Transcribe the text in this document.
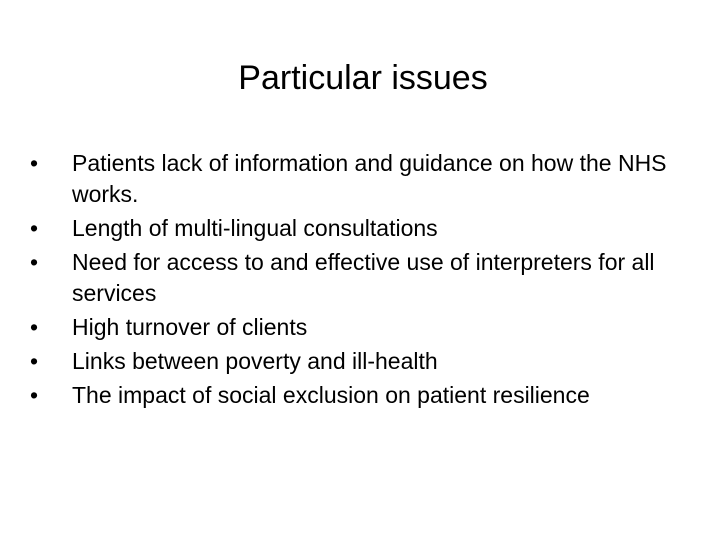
Particular issues
•	Patients lack of information and guidance on how the NHS works.
•	Length of multi-lingual consultations
•	Need for access to and effective use of interpreters for all services
•	High turnover of clients
•	Links between poverty and ill-health
•	The impact of social exclusion on patient resilience
